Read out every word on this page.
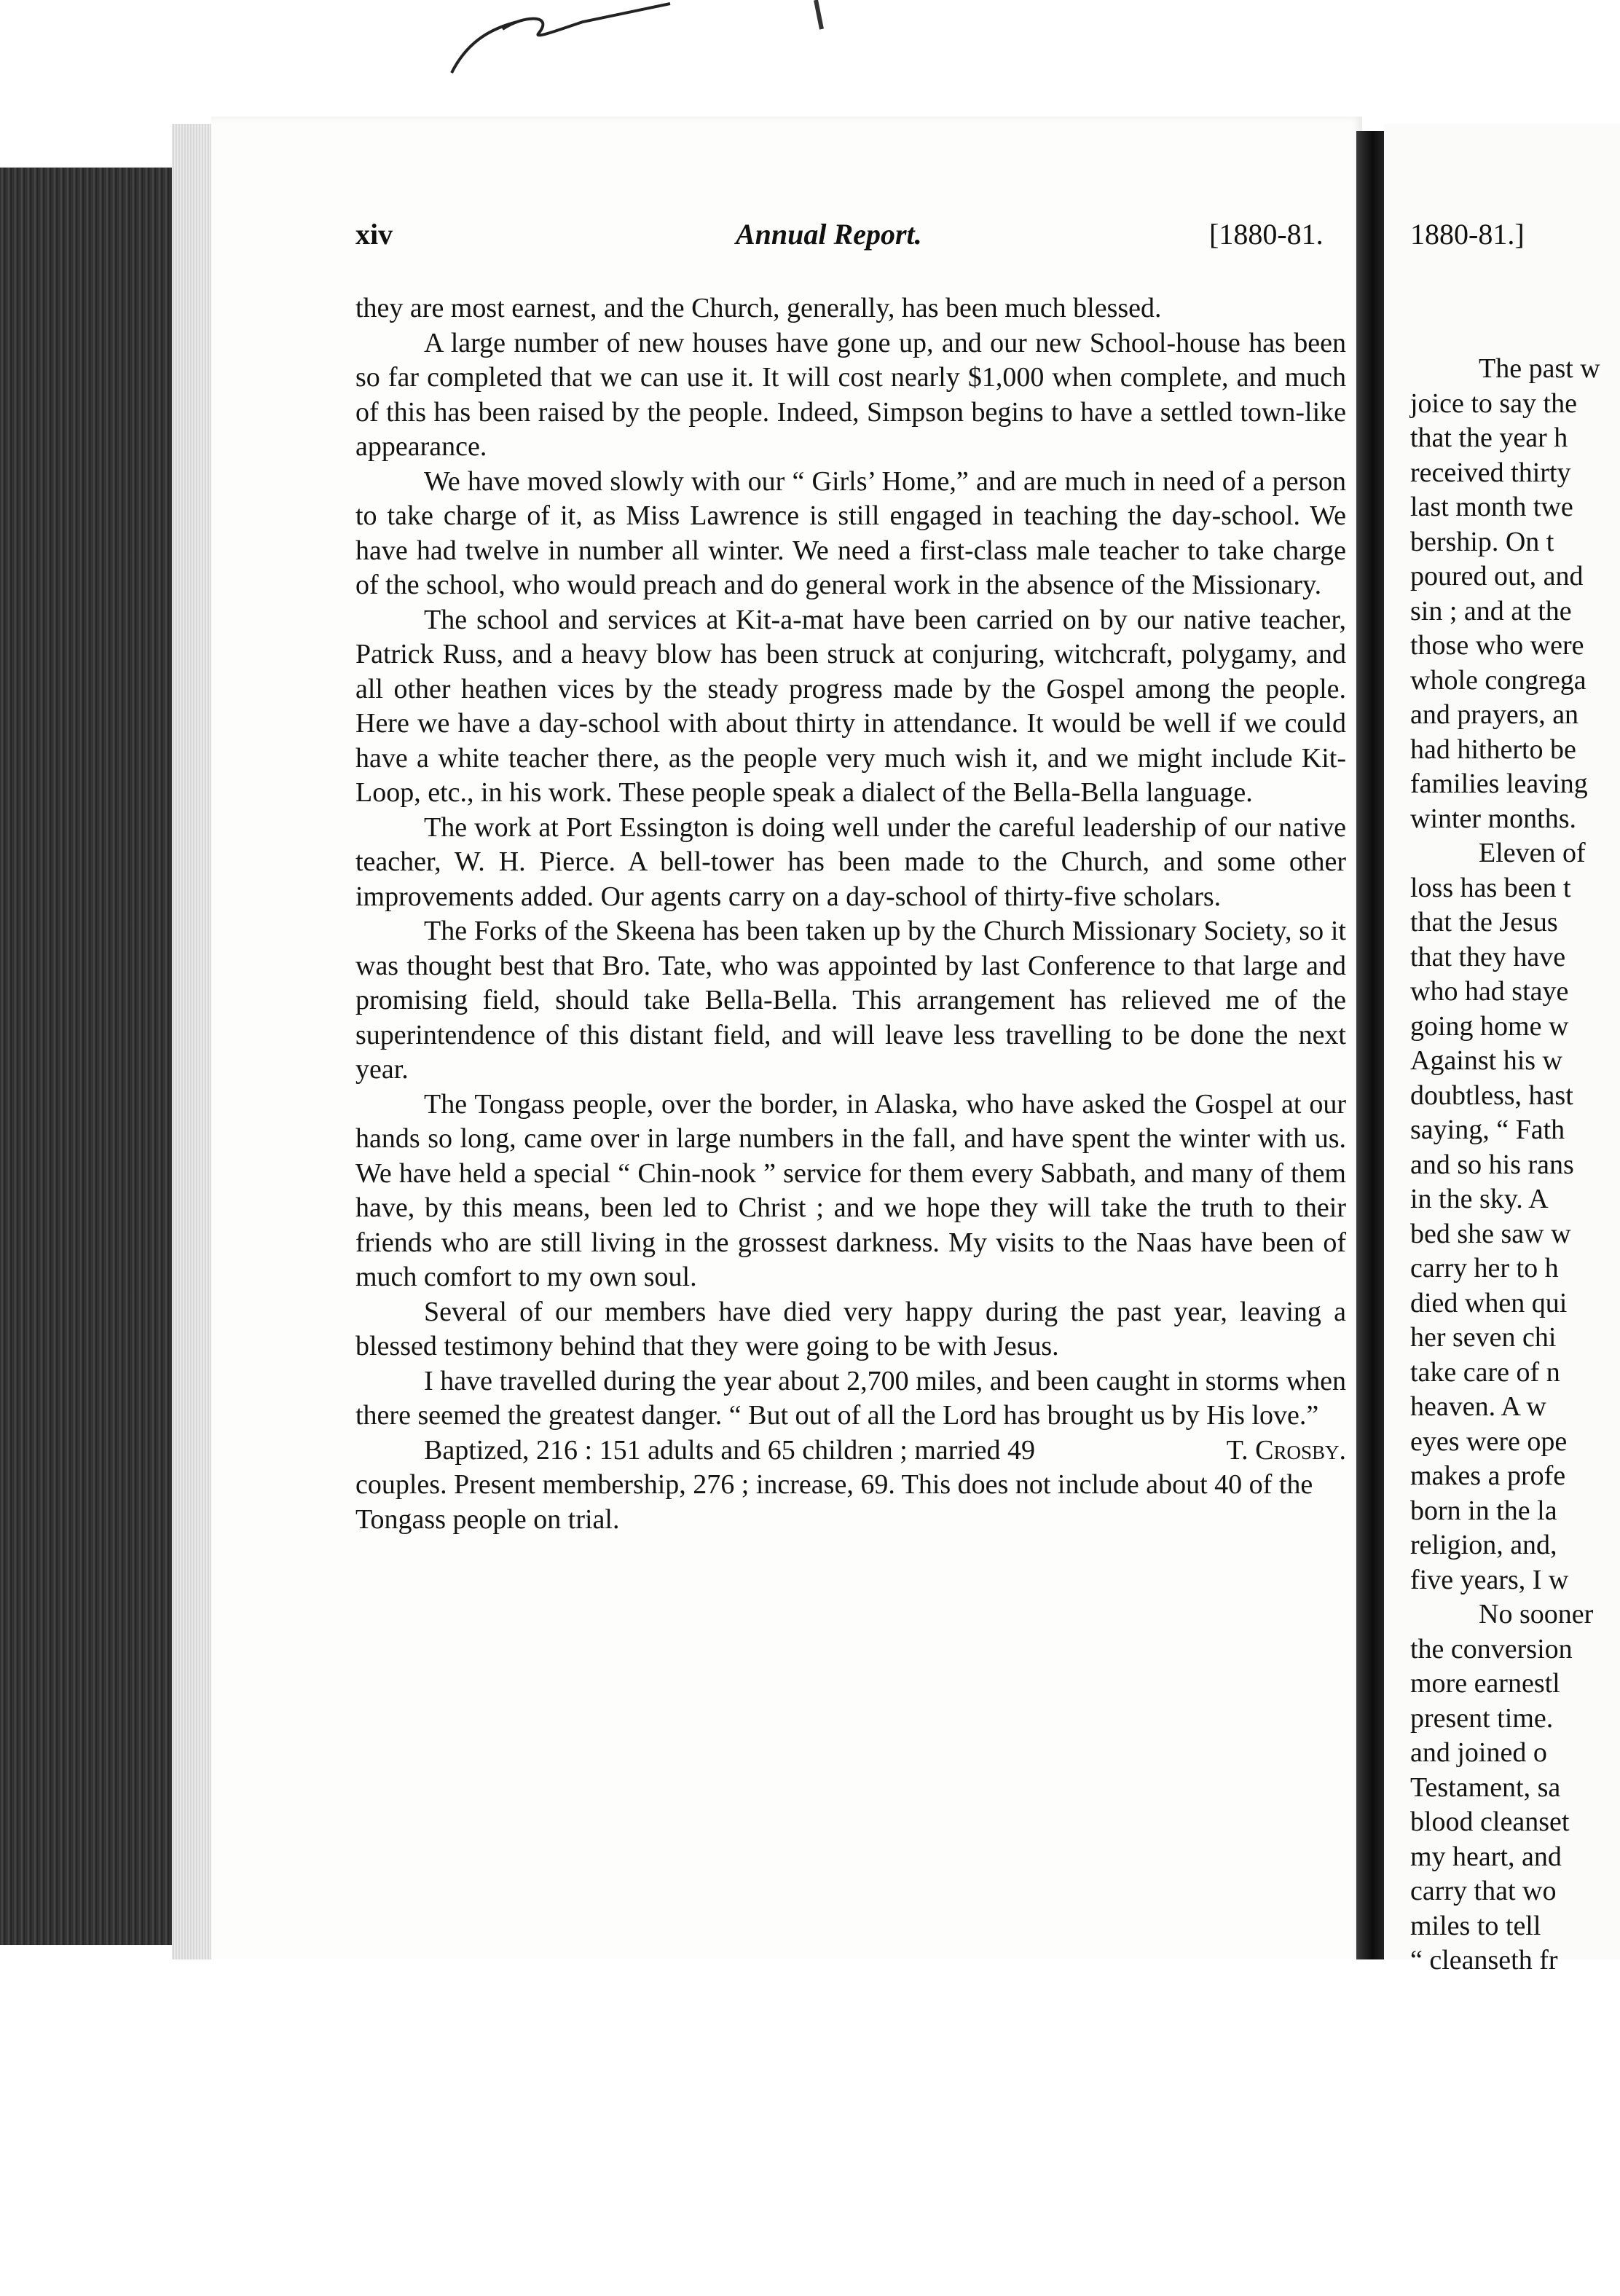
xiv	Annual Report.	[1880-81.	1880-81.]

they are most earnest, and the Church, generally, has been much blessed.

A large number of new houses have gone up, and our new School-house has been so far completed that we can use it. It will cost nearly $1,000 when complete, and much of this has been raised by the people. Indeed, Simpson begins to have a settled town-like appearance.

We have moved slowly with our “ Girls’ Home,” and are much in need of a person to take charge of it, as Miss Lawrence is still engaged in teaching the day-school. We have had twelve in number all winter. We need a first-class male teacher to take charge of the school, who would preach and do general work in the absence of the Missionary.

The school and services at Kit-a-mat have been carried on by our native teacher, Patrick Russ, and a heavy blow has been struck at conjuring, witchcraft, polygamy, and all other heathen vices by the steady progress made by the Gospel among the people. Here we have a day-school with about thirty in attendance. It would be well if we could have a white teacher there, as the people very much wish it, and we might include Kit-Loop, etc., in his work. These people speak a dialect of the Bella-Bella language.

The work at Port Essington is doing well under the careful leadership of our native teacher, W. H. Pierce. A bell-tower has been made to the Church, and some other improvements added. Our agents carry on a day-school of thirty-five scholars.

The Forks of the Skeena has been taken up by the Church Missionary Society, so it was thought best that Bro. Tate, who was appointed by last Conference to that large and promising field, should take Bella-Bella. This arrangement has relieved me of the superintendence of this distant field, and will leave less travelling to be done the next year.

The Tongass people, over the border, in Alaska, who have asked the Gospel at our hands so long, came over in large numbers in the fall, and have spent the winter with us. We have held a special “ Chin-nook ” service for them every Sabbath, and many of them have, by this means, been led to Christ ; and we hope they will take the truth to their friends who are still living in the grossest darkness. My visits to the Naas have been of much comfort to my own soul.

Several of our members have died very happy during the past year, leaving a blessed testimony behind that they were going to be with Jesus.

I have travelled during the year about 2,700 miles, and been caught in storms when there seemed the greatest danger. “ But out of all the Lord has brought us by His love.”

T. Crosby.
Baptized, 216 : 151 adults and 65 children ; married 49 couples. Present membership, 276 ; increase, 69. This does not include about 40 of the Tongass people on trial.

The past w
joice to say the
that the year h
received thirty
last month twe
bership. On t
poured out, and
sin ; and at the
those who were
whole congrega
and prayers, an
had hitherto be
families leaving
winter months.
Eleven of
loss has been t
that the Jesus
that they have
who had staye
going home w
Against his w
doubtless, hast
saying, “ Fath
and so his rans
in the sky. A
bed she saw w
carry her to h
died when qui
her seven chi
take care of n
heaven. A w
eyes were ope
makes a profe
born in the la
religion, and,
five years, I w
No sooner
the conversion
more earnestl
present time.
and joined o
Testament, sa
blood cleanset
my heart, and
carry that wo
miles to tell
“ cleanseth fr
